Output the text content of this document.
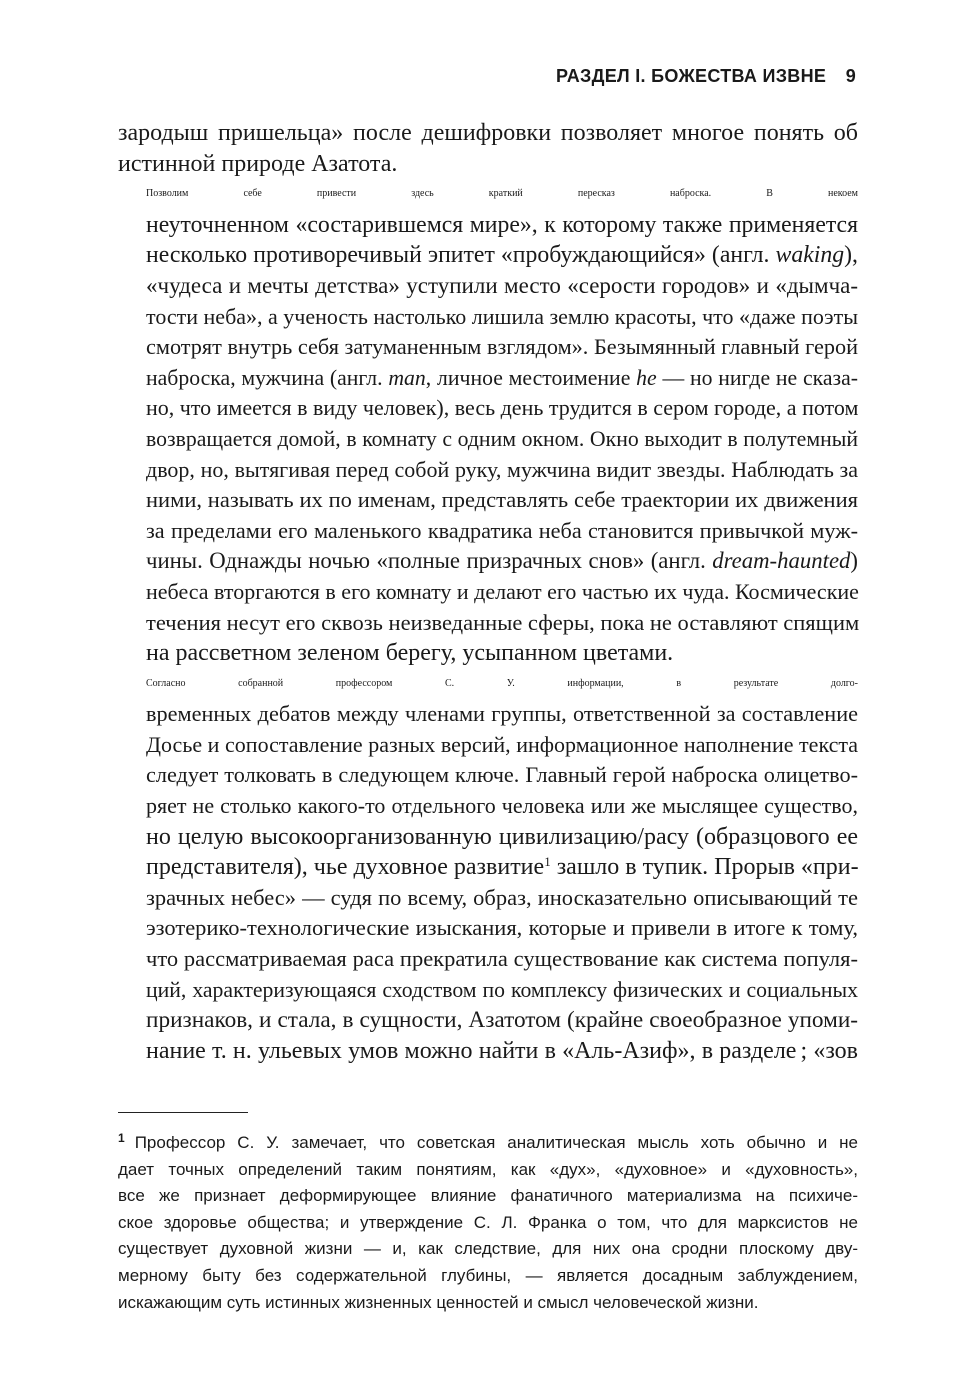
РАЗДЕЛ I. БОЖЕСТВА ИЗВНЕ 9

зародыш пришельца» после дешифровки позволяет многое понять об
истинной природе Азатота.

Позволим себе привести здесь краткий пересказ наброска. В некоем
неуточненном «состарившемся мире», к которому также применяется
несколько противоречивый эпитет «пробуждающийся» (англ. waking),
«чудеса и мечты детства» уступили место «серости городов» и «дымча-
тости неба», а ученость настолько лишила землю красоты, что «даже поэты
смотрят внутрь себя затуманенным взглядом». Безымянный главный герой
наброска, мужчина (англ. man, личное местоимение he — но нигде не сказа-
но, что имеется в виду человек), весь день трудится в сером городе, а потом
возвращается домой, в комнату с одним окном. Окно выходит в полутемный
двор, но, вытягивая перед собой руку, мужчина видит звезды. Наблюдать за
ними, называть их по именам, представлять себе траектории их движения
за пределами его маленького квадратика неба становится привычкой муж-
чины. Однажды ночью «полные призрачных снов» (англ. dream-haunted)
небеса вторгаются в его комнату и делают его частью их чуда. Космические
течения несут его сквозь неизведанные сферы, пока не оставляют спящим
на рассветном зеленом берегу, усыпанном цветами.

Согласно собранной профессором С. У. информации, в результате долго-
временных дебатов между членами группы, ответственной за составление
Досье и сопоставление разных версий, информационное наполнение текста
следует толковать в следующем ключе. Главный герой наброска олицетво-
ряет не столько какого-то отдельного человека или же мыслящее существо,
но целую высокоорганизованную цивилизацию/расу (образцового ее
представителя), чье духовное развитие$^1$ зашло в тупик. Прорыв «при-
зрачных небес» — судя по всему, образ, иносказательно описывающий те
эзотерико-технологические изыскания, которые и привели в итоге к тому,
что рассматриваемая раса прекратила существование как система популя-
ций, характеризующаяся сходством по комплексу физических и социальных
признаков, и стала, в сущности, Азатотом (крайне своеобразное упоми-
нание т. н. ульевых умов можно найти в «Аль-Азиф», в разделе ; «зов

$^1$ Профессор С. У. замечает, что советская аналитическая мысль хоть обычно и не
дает точных определений таким понятиям, как «дух», «духовное» и «духовность»,
все же признает деформирующее влияние фанатичного материализма на психиче-
ское здоровье общества; и утверждение С. Л. Франка о том, что для марксистов не
существует духовной жизни — и, как следствие, для них она сродни плоскому дву-
мерному быту без содержательной глубины, — является досадным заблуждением,
искажающим суть истинных жизненных ценностей и смысл человеческой жизни.
